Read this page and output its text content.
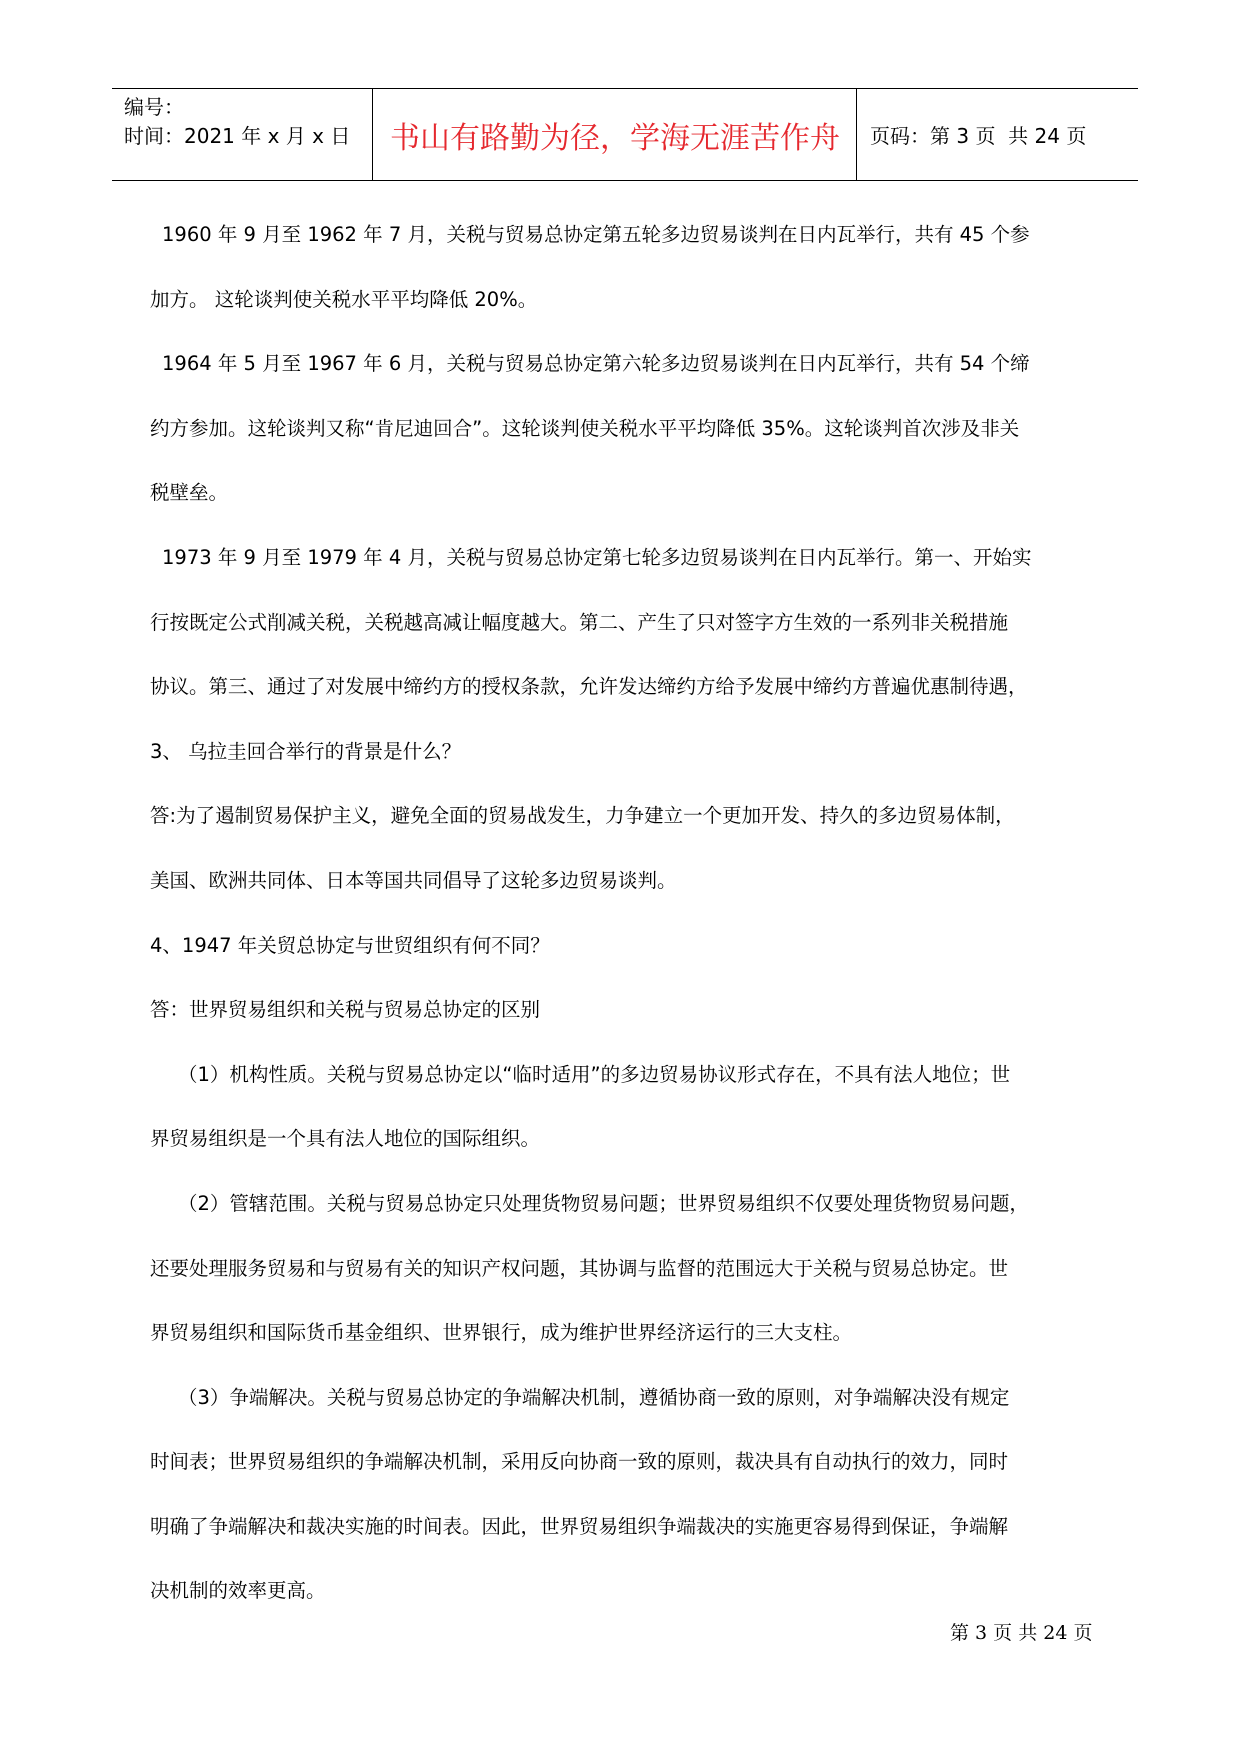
编号：
时间：2021 年 x 月 x 日	书山有路勤为径，学海无涯苦作舟	页码：第 3 页  共 24 页
1960 年 9 月至 1962 年 7 月，关税与贸易总协定第五轮多边贸易谈判在日内瓦举行，共有 45 个参
加方。 这轮谈判使关税水平平均降低 20%。
1964 年 5 月至 1967 年 6 月，关税与贸易总协定第六轮多边贸易谈判在日内瓦举行，共有 54 个缔
约方参加。这轮谈判又称“肯尼迪回合”。这轮谈判使关税水平平均降低 35%。这轮谈判首次涉及非关
税壁垒。
1973 年 9 月至 1979 年 4 月，关税与贸易总协定第七轮多边贸易谈判在日内瓦举行。第一、开始实
行按既定公式削减关税，关税越高减让幅度越大。第二、产生了只对签字方生效的一系列非关税措施
协议。第三、通过了对发展中缔约方的授权条款，允许发达缔约方给予发展中缔约方普遍优惠制待遇，
3、 乌拉圭回合举行的背景是什么？
答:为了遏制贸易保护主义，避免全面的贸易战发生，力争建立一个更加开发、持久的多边贸易体制，
美国、欧洲共同体、日本等国共同倡导了这轮多边贸易谈判。
4、1947 年关贸总协定与世贸组织有何不同？
答：世界贸易组织和关税与贸易总协定的区别
（1）机构性质。关税与贸易总协定以“临时适用”的多边贸易协议形式存在，不具有法人地位；世
界贸易组织是一个具有法人地位的国际组织。
（2）管辖范围。关税与贸易总协定只处理货物贸易问题；世界贸易组织不仅要处理货物贸易问题，
还要处理服务贸易和与贸易有关的知识产权问题，其协调与监督的范围远大于关税与贸易总协定。世
界贸易组织和国际货币基金组织、世界银行，成为维护世界经济运行的三大支柱。
（3）争端解决。关税与贸易总协定的争端解决机制，遵循协商一致的原则，对争端解决没有规定
时间表；世界贸易组织的争端解决机制，采用反向协商一致的原则，裁决具有自动执行的效力，同时
明确了争端解决和裁决实施的时间表。因此，世界贸易组织争端裁决的实施更容易得到保证，争端解
决机制的效率更高。
第 3 页 共 24 页
